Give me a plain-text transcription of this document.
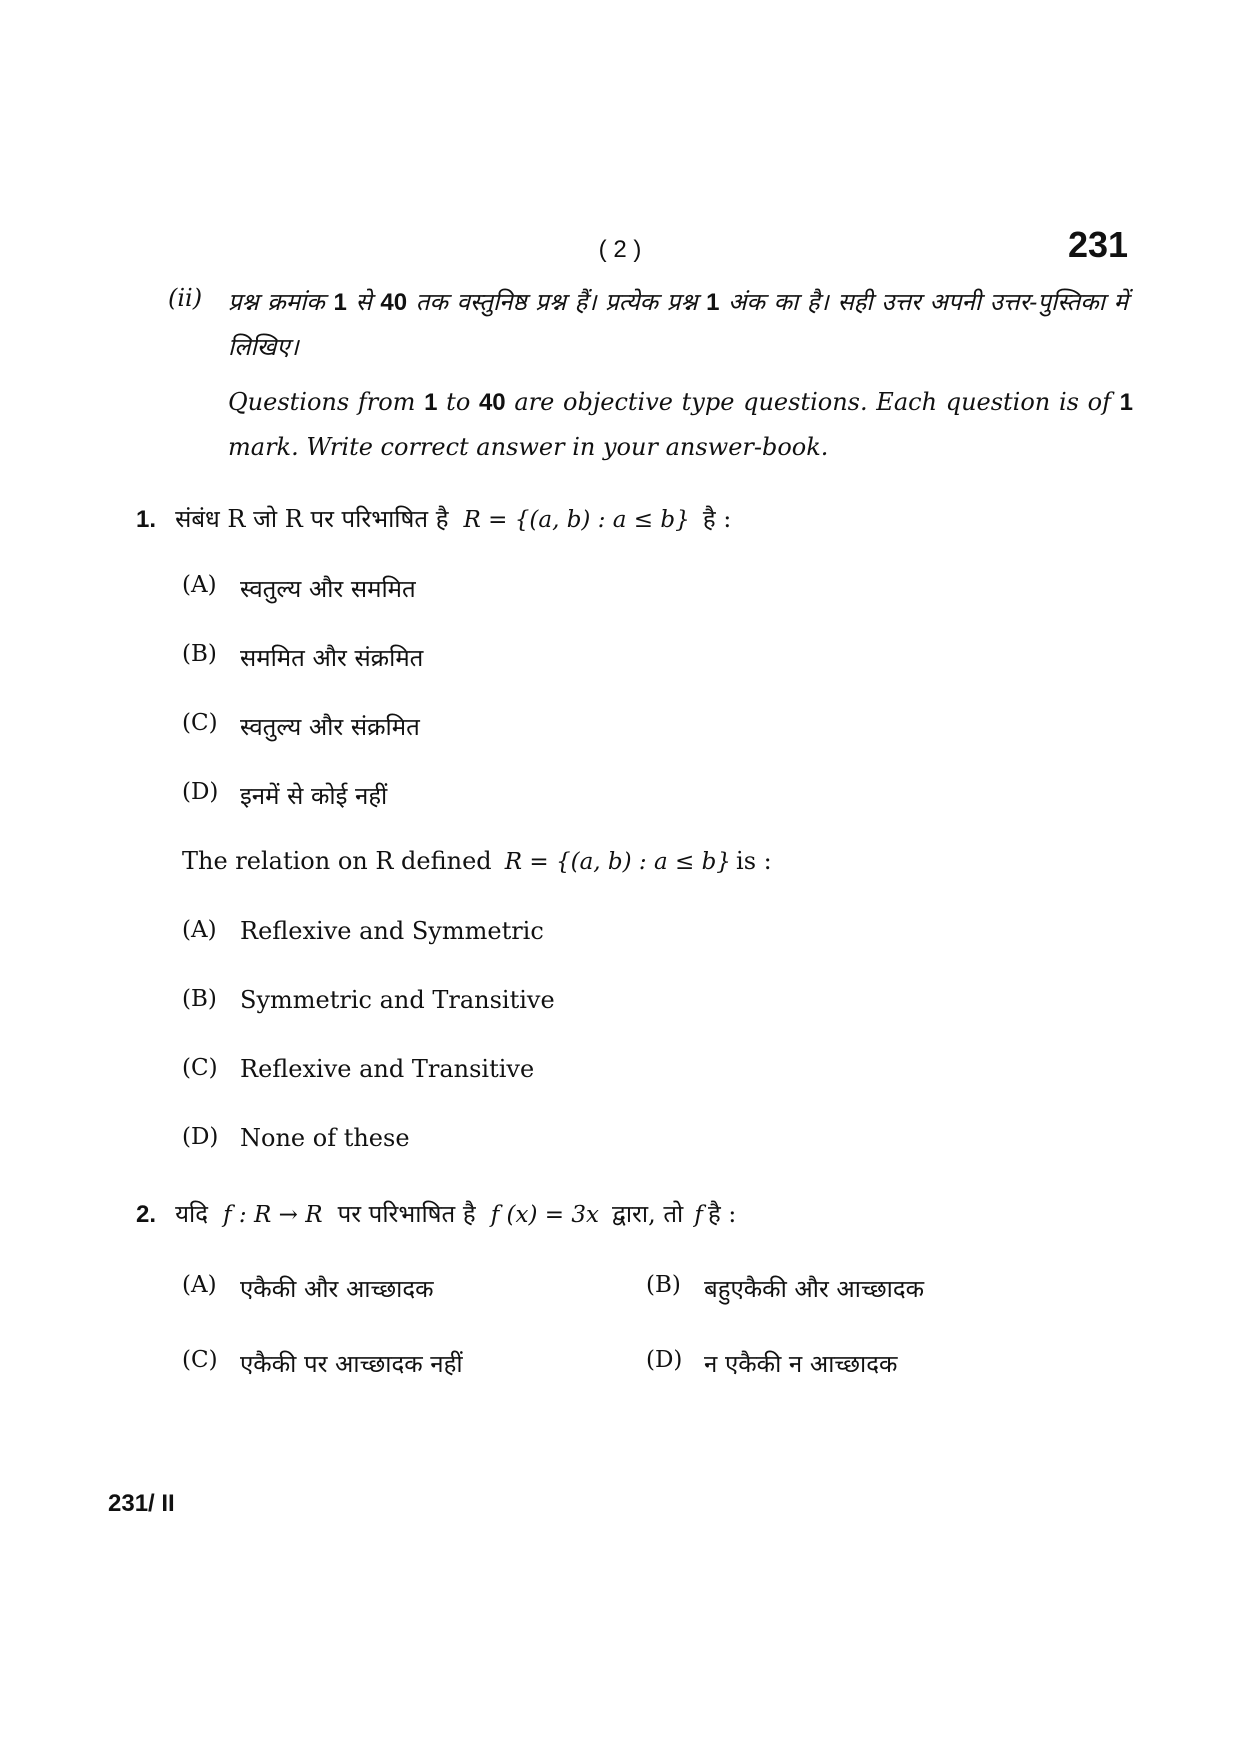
( 2 )	231
(ii) प्रश्न क्रमांक 1 से 40 तक वस्तुनिष्ठ प्रश्न हैं। प्रत्येक प्रश्न 1 अंक का है। सही उत्तर अपनी उत्तर-पुस्तिका में लिखिए।
Questions from 1 to 40 are objective type questions. Each question is of 1 mark. Write correct answer in your answer-book.
1. संबंध R जो R पर परिभाषित है R = {(a, b) : a ≤ b} है :
(A) स्वतुल्य और सममित
(B) सममित और संक्रमित
(C) स्वतुल्य और संक्रमित
(D) इनमें से कोई नहीं
The relation on R defined R = {(a, b) : a ≤ b} is :
(A) Reflexive and Symmetric
(B) Symmetric and Transitive
(C) Reflexive and Transitive
(D) None of these
2. यदि f : R → R पर परिभाषित है f (x) = 3x द्वारा, तो f है :
(A) एकैकी और आच्छादक	(B) बहुएकैकी और आच्छादक
(C) एकैकी पर आच्छादक नहीं	(D) न एकैकी न आच्छादक
231/ II
